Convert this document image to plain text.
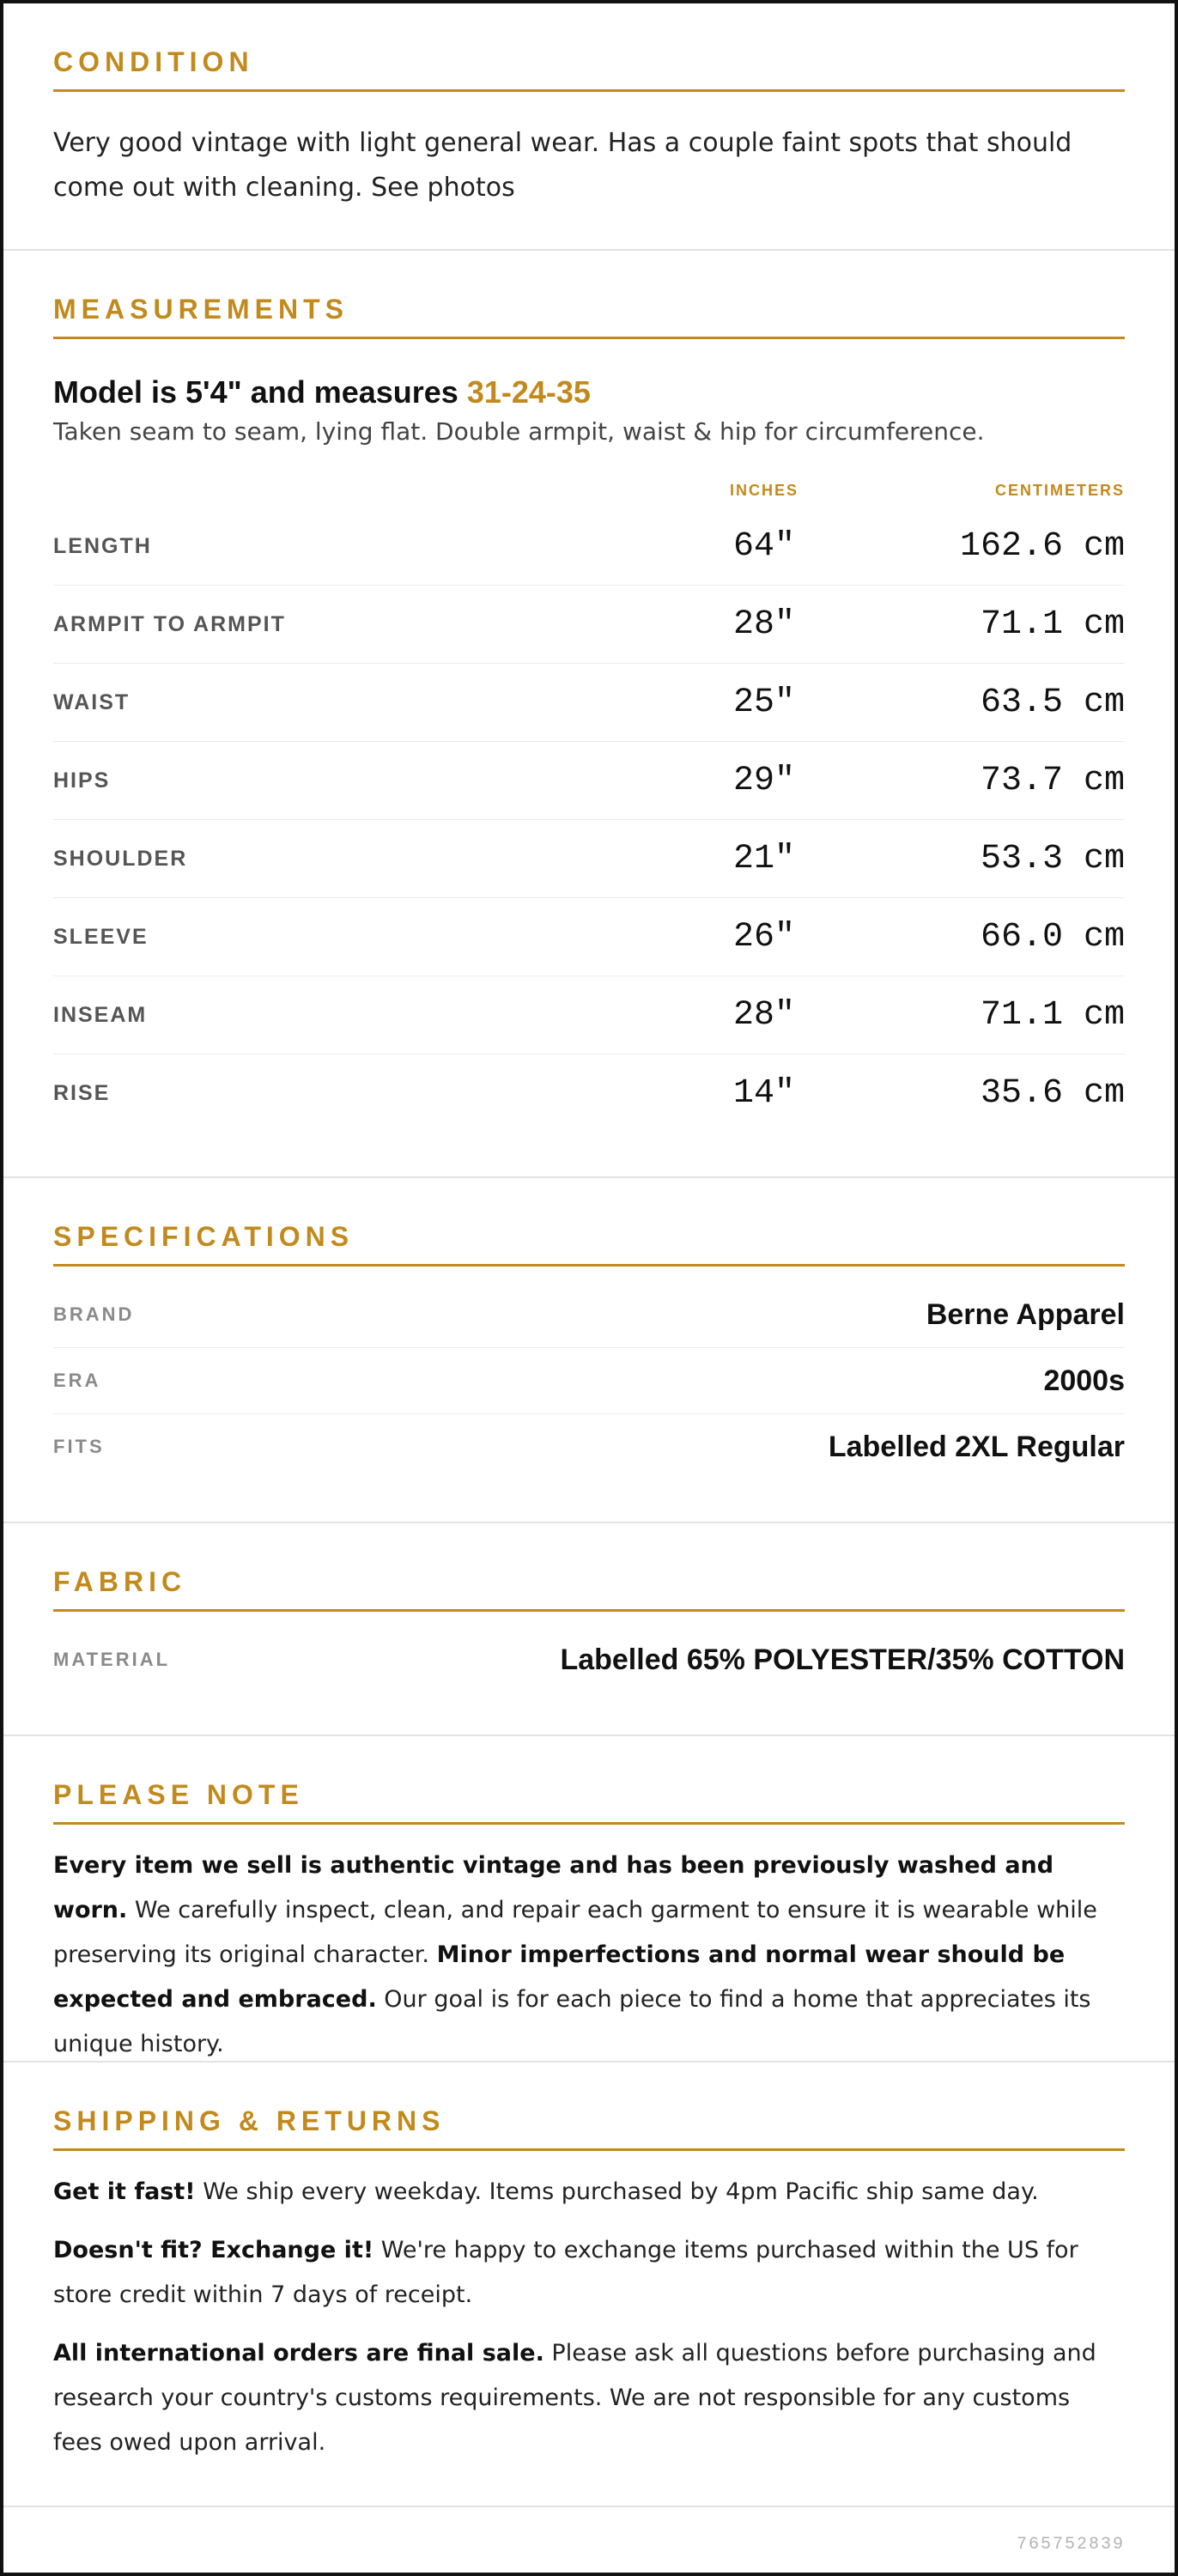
CONDITION

Very good vintage with light general wear. Has a couple faint spots that should come out with cleaning. See photos

MEASUREMENTS
Model is 5'4" and measures 31-24-35
Taken seam to seam, lying flat. Double armpit, waist & hip for circumference.
INCHES	CENTIMETERS
LENGTH	64"	162.6 cm
ARMPIT TO ARMPIT	28"	71.1 cm
WAIST	25"	63.5 cm
HIPS	29"	73.7 cm
SHOULDER	21"	53.3 cm
SLEEVE	26"	66.0 cm
INSEAM	28"	71.1 cm
RISE	14"	35.6 cm
SPECIFICATIONS
BRAND	Berne Apparel
ERA	2000s
FITS	Labelled 2XL Regular
FABRIC
MATERIAL	Labelled 65% POLYESTER/35% COTTON
PLEASE NOTE

Every item we sell is authentic vintage and has been previously washed and worn. We carefully inspect, clean, and repair each garment to ensure it is wearable while preserving its original character. Minor imperfections and normal wear should be expected and embraced. Our goal is for each piece to find a home that appreciates its unique history.

SHIPPING & RETURNS

Get it fast! We ship every weekday. Items purchased by 4pm Pacific ship same day.

Doesn't fit? Exchange it! We're happy to exchange items purchased within the US for store credit within 7 days of receipt.

All international orders are final sale. Please ask all questions before purchasing and research your country's customs requirements. We are not responsible for any customs fees owed upon arrival.

765752839
